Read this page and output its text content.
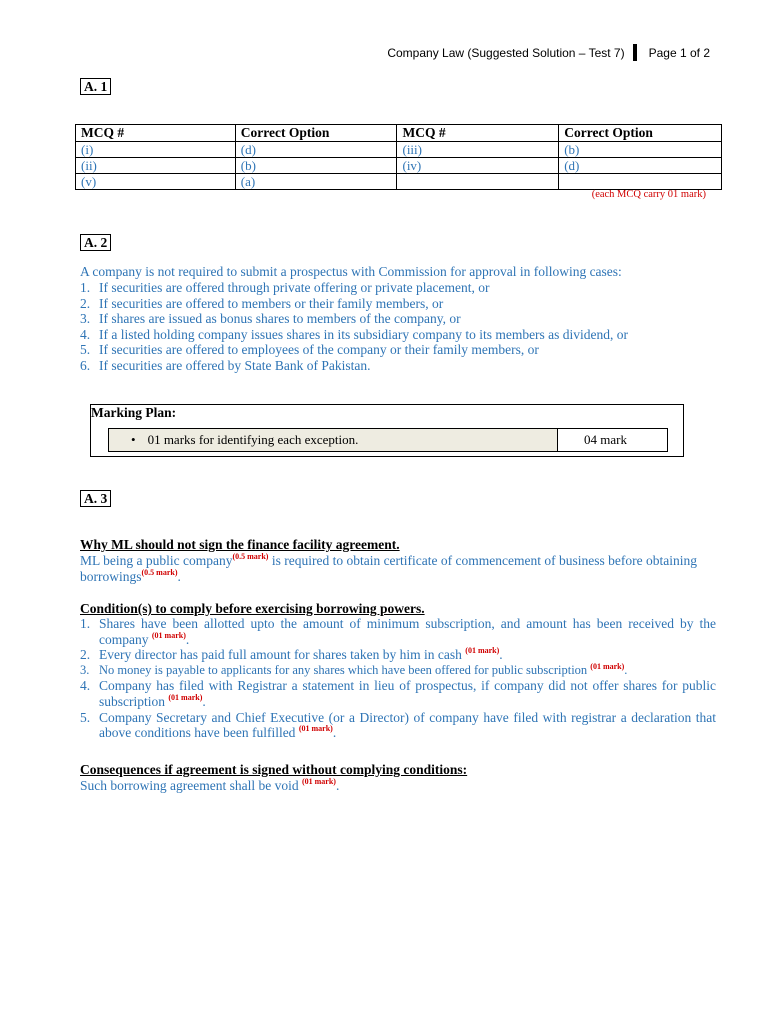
Company Law (Suggested Solution – Test 7) Page 1 of 2
A. 1
MCQ #	Correct Option	MCQ #	Correct Option
(i)	(d)	(iii)	(b)
(ii)	(b)	(iv)	(d)
(v)	(a)		
(each MCQ carry 01 mark)
A. 2
A company is not required to submit a prospectus with Commission for approval in following cases:
1. If securities are offered through private offering or private placement, or
2. If securities are offered to members or their family members, or
3. If shares are issued as bonus shares to members of the company, or
4. If a listed holding company issues shares in its subsidiary company to its members as dividend, or
5. If securities are offered to employees of the company or their family members, or
6. If securities are offered by State Bank of Pakistan.
Marking Plan:
• 01 marks for identifying each exception.	04 mark
A. 3
Why ML should not sign the finance facility agreement.
ML being a public company$^{(0.5 mark)}$ is required to obtain certificate of commencement of business before obtaining borrowings$^{(0.5 mark)}$.
Condition(s) to comply before exercising borrowing powers.
1. Shares have been allotted upto the amount of minimum subscription, and amount has been received by the company $^{(01 mark)}$.
2. Every director has paid full amount for shares taken by him in cash $^{(01 mark)}$.
3. No money is payable to applicants for any shares which have been offered for public subscription $^{(01 mark)}$.
4. Company has filed with Registrar a statement in lieu of prospectus, if company did not offer shares for public subscription $^{(01 mark)}$.
5. Company Secretary and Chief Executive (or a Director) of company have filed with registrar a declaration that above conditions have been fulfilled $^{(01 mark)}$.
Consequences if agreement is signed without complying conditions:
Such borrowing agreement shall be void $^{(01 mark)}$.
